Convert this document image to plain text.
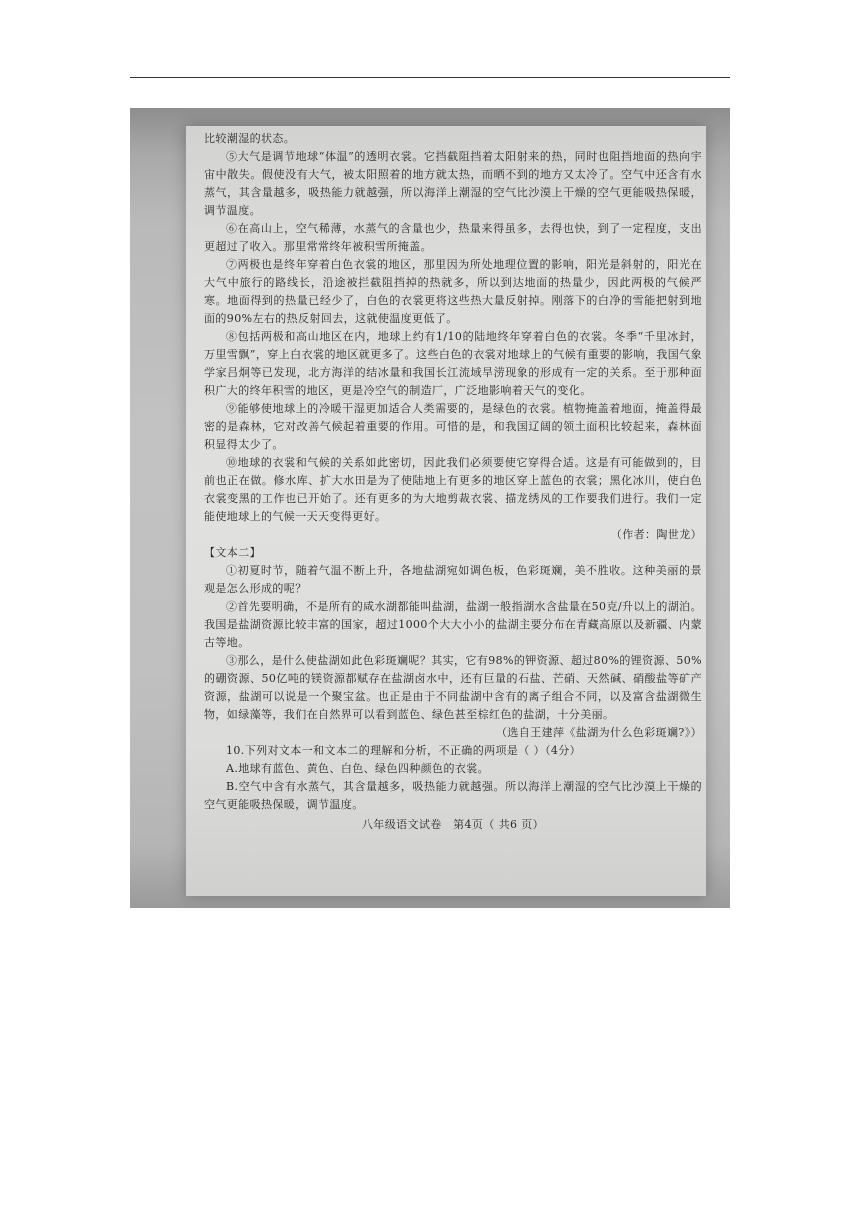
比较潮湿的状态。

⑤大气是调节地球“体温”的透明衣裳。它挡截阻挡着太阳射来的热，同时也阻挡地面的热向宇宙中散失。假使没有大气，被太阳照着的地方就太热，而晒不到的地方又太冷了。空气中还含有水蒸气，其含量越多，吸热能力就越强，所以海洋上潮湿的空气比沙漠上干燥的空气更能吸热保暖，调节温度。

⑥在高山上，空气稀薄，水蒸气的含量也少，热量来得虽多，去得也快，到了一定程度，支出更超过了收入。那里常常终年被积雪所掩盖。

⑦两极也是终年穿着白色衣裳的地区，那里因为所处地理位置的影响，阳光是斜射的，阳光在大气中旅行的路线长，沿途被拦截阻挡掉的热就多，所以到达地面的热量少，因此两极的气候严寒。地面得到的热量已经少了，白色的衣裳更将这些热大量反射掉。刚落下的白净的雪能把射到地面的90%左右的热反射回去，这就使温度更低了。

⑧包括两极和高山地区在内，地球上约有1/10的陆地终年穿着白色的衣裳。冬季“千里冰封，万里雪飘”，穿上白衣裳的地区就更多了。这些白色的衣裳对地球上的气候有重要的影响，我国气象学家吕炯等已发现，北方海洋的结冰量和我国长江流域旱涝现象的形成有一定的关系。至于那种面积广大的终年积雪的地区，更是冷空气的制造厂，广泛地影响着天气的变化。

⑨能够使地球上的冷暖干湿更加适合人类需要的，是绿色的衣裳。植物掩盖着地面，掩盖得最密的是森林，它对改善气候起着重要的作用。可惜的是，和我国辽阔的领土面积比较起来，森林面积显得太少了。

⑩地球的衣裳和气候的关系如此密切，因此我们必须要使它穿得合适。这是有可能做到的，目前也正在做。修水库、扩大水田是为了使陆地上有更多的地区穿上蓝色的衣裳；黑化冰川，使白色衣裳变黑的工作也已开始了。还有更多的为大地剪裁衣裳、描龙绣凤的工作要我们进行。我们一定能使地球上的气候一天天变得更好。

（作者：陶世龙）

【文本二】

①初夏时节，随着气温不断上升，各地盐湖宛如调色板，色彩斑斓，美不胜收。这种美丽的景观是怎么形成的呢？

②首先要明确，不是所有的咸水湖都能叫盐湖，盐湖一般指湖水含盐量在50克/升以上的湖泊。我国是盐湖资源比较丰富的国家，超过1000个大大小小的盐湖主要分布在青藏高原以及新疆、内蒙古等地。

③那么，是什么使盐湖如此色彩斑斓呢？其实，它有98%的钾资源、超过80%的锂资源、50%的硼资源、50亿吨的镁资源都赋存在盐湖卤水中，还有巨量的石盐、芒硝、天然碱、硝酸盐等矿产资源，盐湖可以说是一个聚宝盆。也正是由于不同盐湖中含有的离子组合不同，以及富含盐湖微生物，如绿藻等，我们在自然界可以看到蓝色、绿色甚至棕红色的盐湖，十分美丽。

（选自王建萍《盐湖为什么色彩斑斓?》）

10.下列对文本一和文本二的理解和分析，不正确的两项是（ ）（4分）

A.地球有蓝色、黄色、白色、绿色四种颜色的衣裳。

B.空气中含有水蒸气，其含量越多，吸热能力就越强。所以海洋上潮湿的空气比沙漠上干燥的空气更能吸热保暖，调节温度。

八年级语文试卷　第4页（ 共6 页）
